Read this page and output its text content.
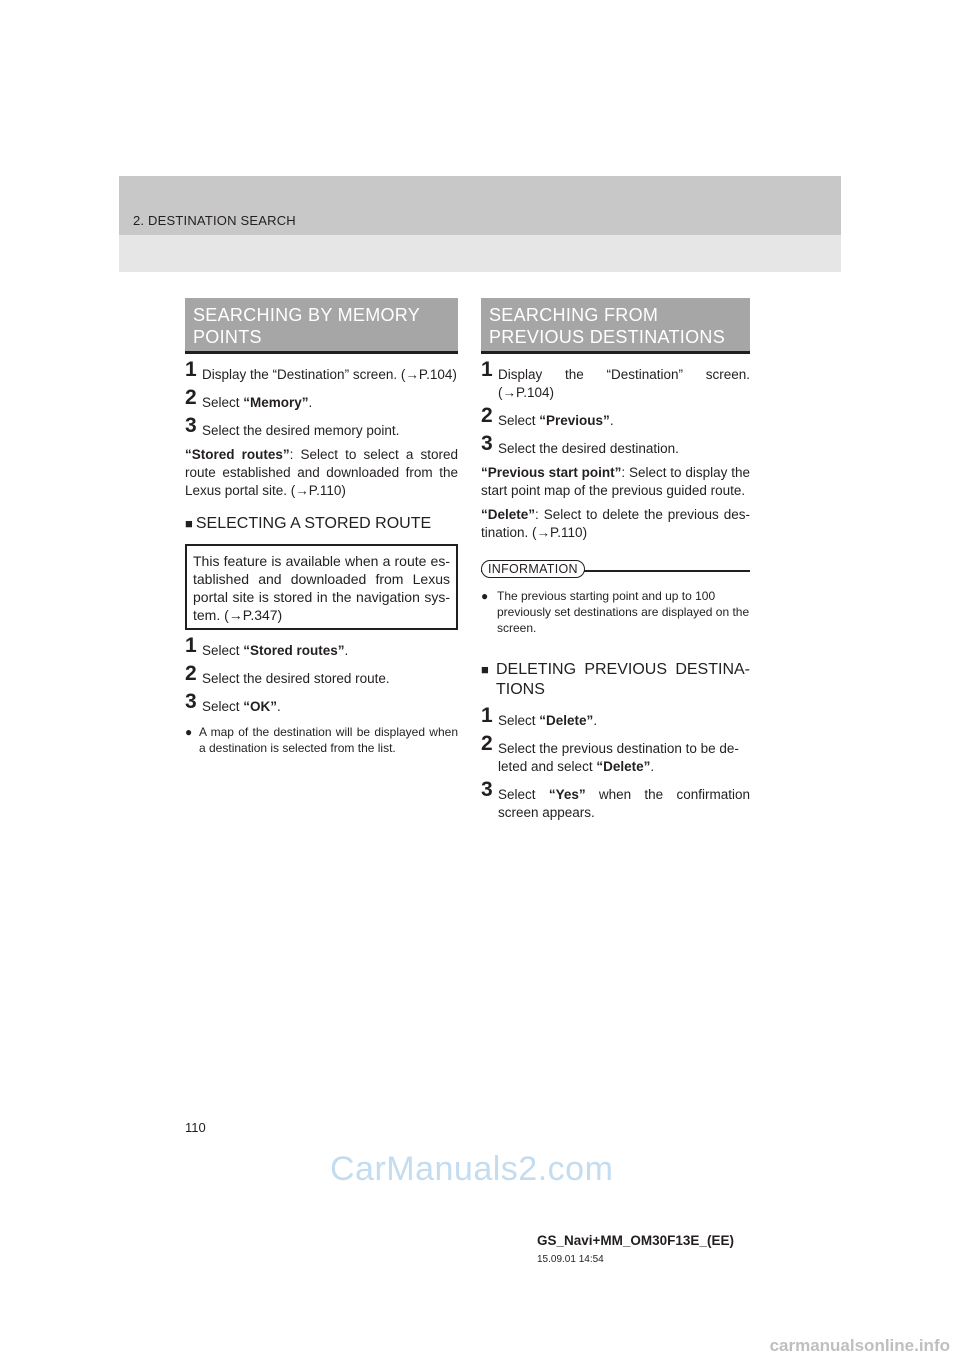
2. DESTINATION SEARCH
SEARCHING BY MEMORY
POINTS
1 Display the “Destination” screen. (→P.104)
2 Select “Memory”.
3 Select the desired memory point.
“Stored routes”: Select to select a stored route established and downloaded from the Lexus portal site. (→P.110)
■ SELECTING A STORED ROUTE
This feature is available when a route es-tablished and downloaded from Lexus portal site is stored in the navigation sys-tem. (→P.347)
1 Select “Stored routes”.
2 Select the desired stored route.
3 Select “OK”.
● A map of the destination will be displayed when a destination is selected from the list.
SEARCHING FROM
PREVIOUS DESTINATIONS
1 Display the “Destination” screen. (→P.104)
2 Select “Previous”.
3 Select the desired destination.
“Previous start point”: Select to display the start point map of the previous guided route.
“Delete”: Select to delete the previous des-tination. (→P.110)
INFORMATION
● The previous starting point and up to 100 previously set destinations are displayed on the screen.
■ DELETING PREVIOUS DESTINA-TIONS
1 Select “Delete”.
2 Select the previous destination to be de-leted and select “Delete”.
3 Select “Yes” when the confirmation screen appears.
110
CarManuals2.com
GS_Navi+MM_OM30F13E_(EE)
15.09.01 14:54
carmanualsonline.info
